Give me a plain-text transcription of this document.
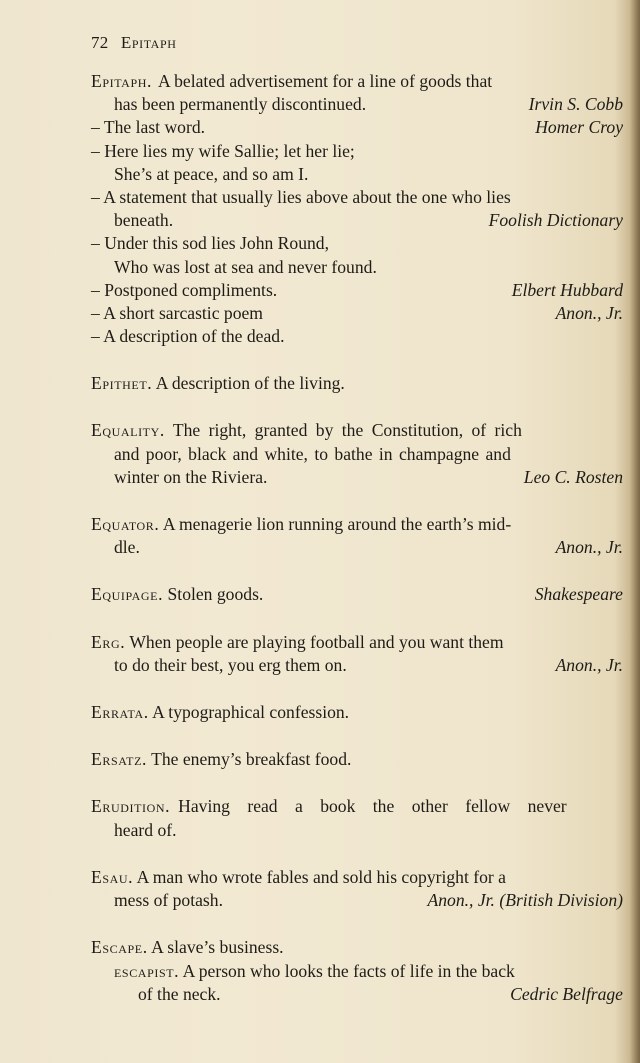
72 Epitaph
Epitaph. A belated advertisement for a line of goods that
has been permanently discontinued.	Irvin S. Cobb
– The last word.	Homer Croy
– Here lies my wife Sallie; let her lie;
She’s at peace, and so am I.
– A statement that usually lies above about the one who lies
beneath.	Foolish Dictionary
– Under this sod lies John Round,
Who was lost at sea and never found.
– Postponed compliments.	Elbert Hubbard
– A short sarcastic poem	Anon., Jr.
– A description of the dead.
Epithet. A description of the living.
Equality. The right, granted by the Constitution, of rich
and poor, black and white, to bathe in champagne and
winter on the Riviera.	Leo C. Rosten
Equator. A menagerie lion running around the earth’s mid-
dle.	Anon., Jr.
Equipage. Stolen goods.	Shakespeare
Erg. When people are playing football and you want them
to do their best, you erg them on.	Anon., Jr.
Errata. A typographical confession.
Ersatz. The enemy’s breakfast food.
Erudition. Having read a book the other fellow never
heard of.
Esau. A man who wrote fables and sold his copyright for a
mess of potash.	Anon., Jr. (British Division)
Escape. A slave’s business.
escapist. A person who looks the facts of life in the back
of the neck.	Cedric Belfrage
